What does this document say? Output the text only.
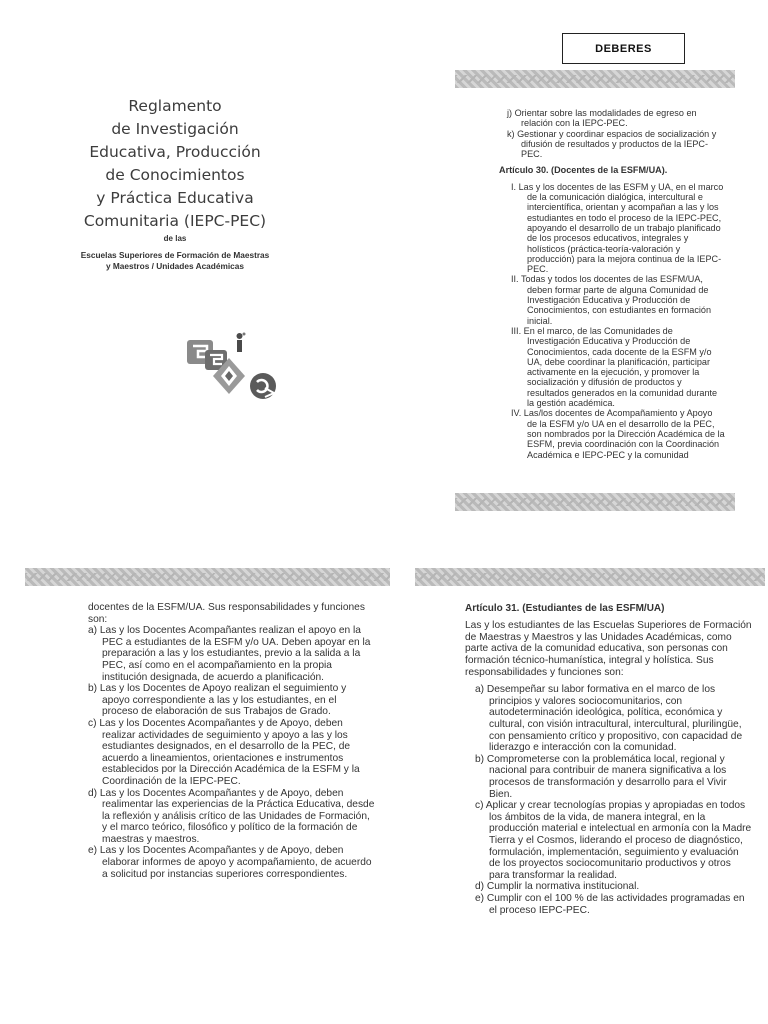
DEBERES
Reglamento
de Investigación
Educativa, Producción
de Conocimientos
y Práctica Educativa
Comunitaria (IEPC-PEC)
de las
Escuelas Superiores de Formación de Maestras
y Maestros / Unidades Académicas

j) Orientar sobre las modalidades de egreso en relación con la IEPC-PEC.

k) Gestionar y coordinar espacios de socialización y difusión de resultados y productos de la IEPC-PEC.

Artículo 30. (Docentes de la ESFM/UA).

I. Las y los docentes de las ESFM y UA, en el marco de la comunicación dialógica, intercultural e intercientífica, orientan y acompañan a las y los estudiantes en todo el proceso de la IEPC-PEC, apoyando el desarrollo de un trabajo planificado de los procesos educativos, integrales y holísticos (práctica-teoría-valoración y producción) para la mejora continua de la IEPC-PEC.

II. Todas y todos los docentes de las ESFM/UA, deben formar parte de alguna Comunidad de Investigación Educativa y Producción de Conocimientos, con estudiantes en formación inicial.

III. En el marco, de las Comunidades de Investigación Educativa y Producción de Conocimientos, cada docente de la ESFM y/o UA, debe coordinar la planificación, participar activamente en la ejecución, y promover la socialización y difusión de productos y resultados generados en la comunidad durante la gestión académica.

IV. Las/los docentes de Acompañamiento y Apoyo de la ESFM y/o UA en el desarrollo de la PEC, son nombrados por la Dirección Académica de la ESFM, previa coordinación con la Coordinación Académica e IEPC-PEC y la comunidad

docentes de la ESFM/UA. Sus responsabilidades y funciones son:

a) Las y los Docentes Acompañantes realizan el apoyo en la PEC a estudiantes de la ESFM y/o UA. Deben apoyar en la preparación a las y los estudiantes, previo a la salida a la PEC, así como en el acompañamiento en la propia institución designada, de acuerdo a planificación.

b) Las y los Docentes de Apoyo realizan el seguimiento y apoyo correspondiente a las y los estudiantes, en el proceso de elaboración de sus Trabajos de Grado.

c) Las y los Docentes Acompañantes y de Apoyo, deben realizar actividades de seguimiento y apoyo a las y los estudiantes designados, en el desarrollo de la PEC, de acuerdo a lineamientos, orientaciones e instrumentos establecidos por la Dirección Académica de la ESFM y la Coordinación de la IEPC-PEC.

d) Las y los Docentes Acompañantes y de Apoyo, deben realimentar las experiencias de la Práctica Educativa, desde la reflexión y análisis crítico de las Unidades de Formación, y el marco teórico, filosófico y político de la formación de maestras y maestros.

e) Las y los Docentes Acompañantes y de Apoyo, deben elaborar informes de apoyo y acompañamiento, de acuerdo a solicitud por instancias superiores correspondientes.

Artículo 31. (Estudiantes de las ESFM/UA)

Las y los estudiantes de las Escuelas Superiores de Formación de Maestras y Maestros y las Unidades Académicas, como parte activa de la comunidad educativa, son personas con formación técnico-humanística, integral y holística. Sus responsabilidades y funciones son:

a) Desempeñar su labor formativa en el marco de los principios y valores sociocomunitarios, con autodeterminación ideológica, política, económica y cultural, con visión intracultural, intercultural, plurilingüe, con pensamiento crítico y propositivo, con capacidad de liderazgo e interacción con la comunidad.

b) Comprometerse con la problemática local, regional y nacional para contribuir de manera significativa a los procesos de transformación y desarrollo para el Vivir Bien.

c) Aplicar y crear tecnologías propias y apropiadas en todos los ámbitos de la vida, de manera integral, en la producción material e intelectual en armonía con la Madre Tierra y el Cosmos, liderando el proceso de diagnóstico, formulación, implementación, seguimiento y evaluación de los proyectos sociocomunitario productivos y otros para transformar la realidad.

d) Cumplir la normativa institucional.

e) Cumplir con el 100 % de las actividades programadas en el proceso IEPC-PEC.
